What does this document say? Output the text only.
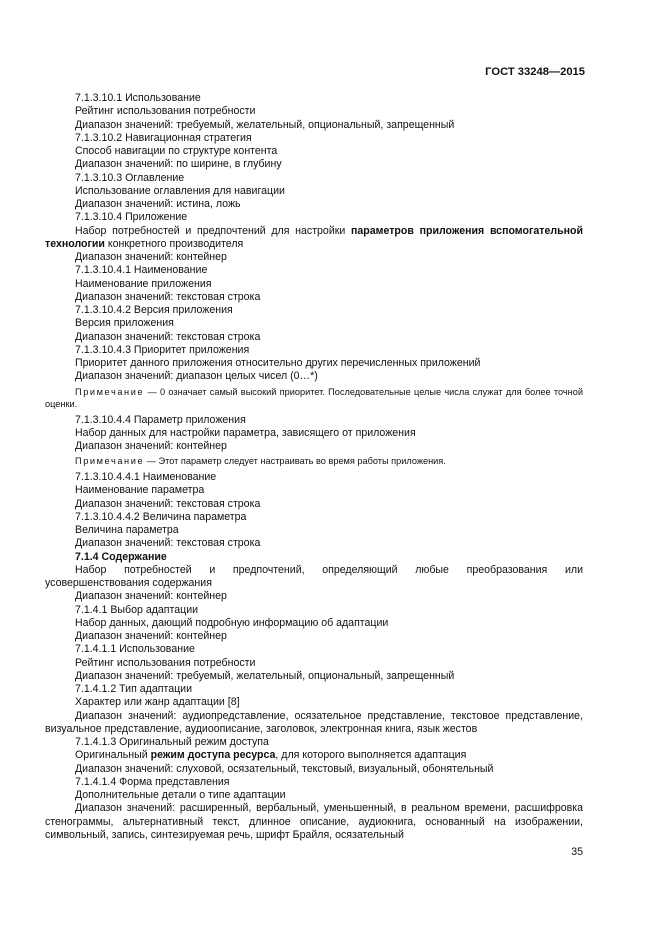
ГОСТ 33248—2015

7.1.3.10.1 Использование

Рейтинг использования потребности

Диапазон значений: требуемый, желательный, опциональный, запрещенный

7.1.3.10.2 Навигационная стратегия

Способ навигации по структуре контента

Диапазон значений: по ширине, в глубину

7.1.3.10.3 Оглавление

Использование оглавления для навигации

Диапазон значений: истина, ложь

7.1.3.10.4 Приложение

Набор потребностей и предпочтений для настройки параметров приложения вспомогательной технологии конкретного производителя

Диапазон значений: контейнер

7.1.3.10.4.1 Наименование

Наименование приложения

Диапазон значений: текстовая строка

7.1.3.10.4.2 Версия приложения

Версия приложения

Диапазон значений: текстовая строка

7.1.3.10.4.3 Приоритет приложения

Приоритет данного приложения относительно других перечисленных приложений

Диапазон значений: диапазон целых чисел (0…*)

Примечание — 0 означает самый высокий приоритет. Последовательные целые числа служат для более точной оценки.

7.1.3.10.4.4 Параметр приложения

Набор данных для настройки параметра, зависящего от приложения

Диапазон значений: контейнер

Примечание — Этот параметр следует настраивать во время работы приложения.

7.1.3.10.4.4.1 Наименование

Наименование параметра

Диапазон значений: текстовая строка

7.1.3.10.4.4.2 Величина параметра

Величина параметра

Диапазон значений: текстовая строка

7.1.4 Содержание

Набор потребностей и предпочтений, определяющий любые преобразования или усовершенствования содержания

Диапазон значений: контейнер

7.1.4.1 Выбор адаптации

Набор данных, дающий подробную информацию об адаптации

Диапазон значений: контейнер

7.1.4.1.1 Использование

Рейтинг использования потребности

Диапазон значений: требуемый, желательный, опциональный, запрещенный

7.1.4.1.2 Тип адаптации

Характер или жанр адаптации [8]

Диапазон значений: аудиопредставление, осязательное представление, текстовое представление, визуальное представление, аудиоописание, заголовок, электронная книга, язык жестов

7.1.4.1.3 Оригинальный режим доступа

Оригинальный режим доступа ресурса, для которого выполняется адаптация

Диапазон значений: слуховой, осязательный, текстовый, визуальный, обонятельный

7.1.4.1.4 Форма представления

Дополнительные детали о типе адаптации

Диапазон значений: расширенный, вербальный, уменьшенный, в реальном времени, расшифровка стенограммы, альтернативный текст, длинное описание, аудиокнига, основанный на изображении, символьный, запись, синтезируемая речь, шрифт Брайля, осязательный

35
